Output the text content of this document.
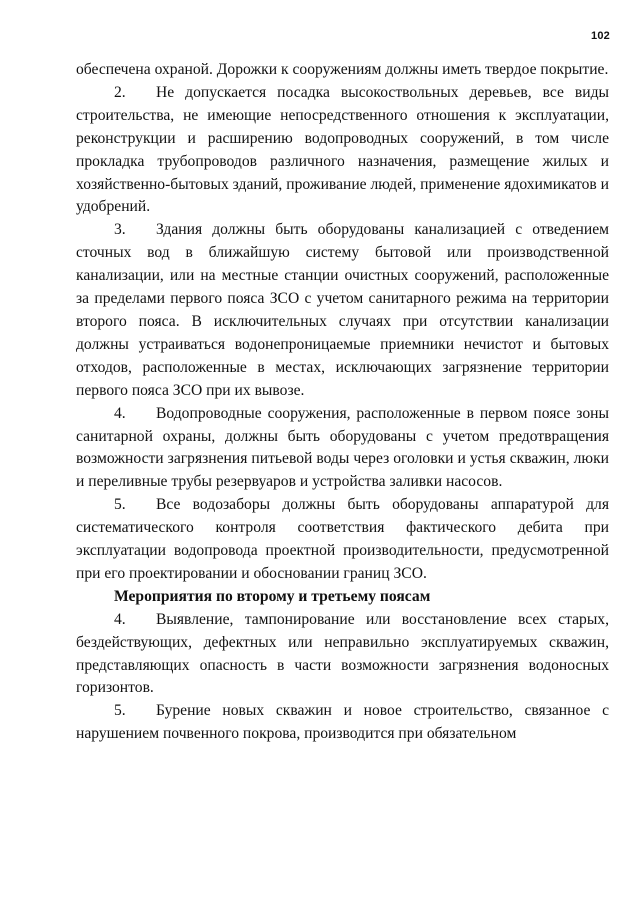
102

обеспечена охраной. Дорожки к сооружениям должны иметь твердое покрытие.

2. Не допускается посадка высокоствольных деревьев, все виды строительства, не имеющие непосредственного отношения к эксплуатации, реконструкции и расширению водопроводных сооружений, в том числе прокладка трубопроводов различного назначения, размещение жилых и хозяйственно-бытовых зданий, проживание людей, применение ядохимикатов и удобрений.

3. Здания должны быть оборудованы канализацией с отведением сточных вод в ближайшую систему бытовой или производственной канализации, или на местные станции очистных сооружений, расположенные за пределами первого пояса ЗСО с учетом санитарного режима на территории второго пояса. В исключительных случаях при отсутствии канализации должны устраиваться водонепроницаемые приемники нечистот и бытовых отходов, расположенные в местах, исключающих загрязнение территории первого пояса ЗСО при их вывозе.

4. Водопроводные сооружения, расположенные в первом поясе зоны санитарной охраны, должны быть оборудованы с учетом предотвращения возможности загрязнения питьевой воды через оголовки и устья скважин, люки и переливные трубы резервуаров и устройства заливки насосов.

5. Все водозаборы должны быть оборудованы аппаратурой для систематического контроля соответствия фактического дебита при эксплуатации водопровода проектной производительности, предусмотренной при его проектировании и обосновании границ ЗСО.

Мероприятия по второму и третьему поясам

4. Выявление, тампонирование или восстановление всех старых, бездействующих, дефектных или неправильно эксплуатируемых скважин, представляющих опасность в части возможности загрязнения водоносных горизонтов.

5. Бурение новых скважин и новое строительство, связанное с нарушением почвенного покрова, производится при обязательном
